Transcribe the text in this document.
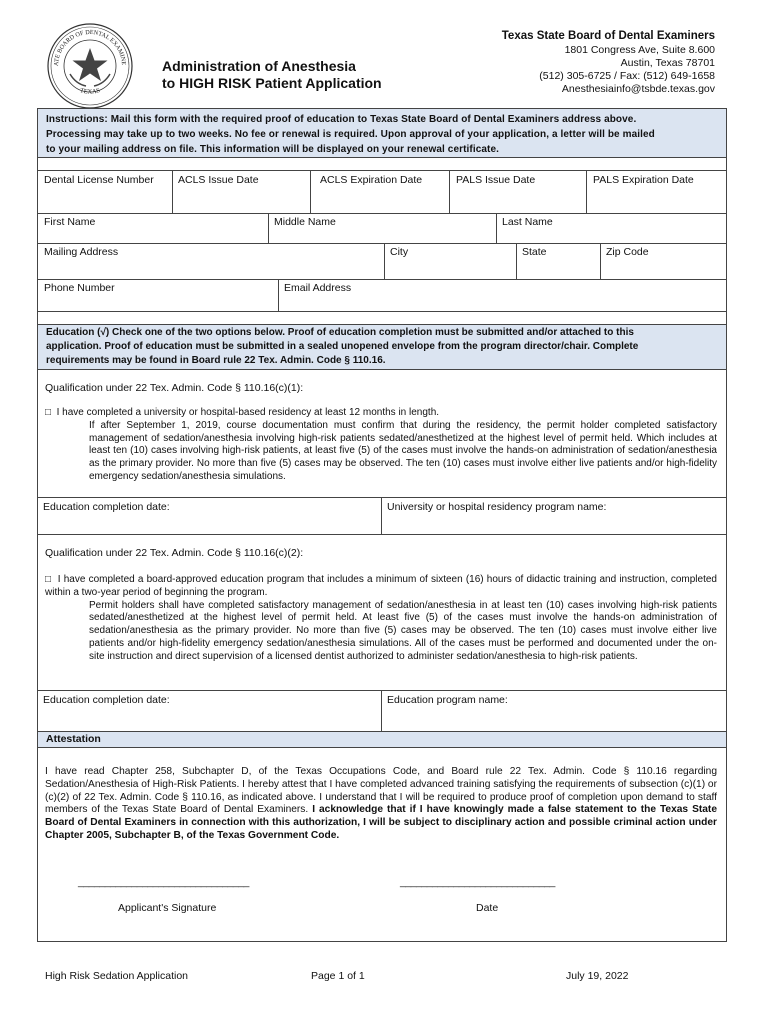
ATE BOARD OF DENTAL EXAMINE
TEXAS
Administration of Anesthesia
to HIGH RISK Patient Application
Texas State Board of Dental Examiners
1801 Congress Ave, Suite 8.600
Austin, Texas 78701
(512) 305-6725 / Fax: (512) 649-1658
Anesthesiainfo@tsbde.texas.gov
Instructions: Mail this form with the required proof of education to Texas State Board of Dental Examiners address above.
Processing may take up to two weeks. No fee or renewal is required. Upon approval of your application, a letter will be mailed
to your mailing address on file. This information will be displayed on your renewal certificate.
Dental License Number	ACLS Issue Date	ACLS Expiration Date	PALS Issue Date	PALS Expiration Date
First Name	Middle Name	Last Name
Mailing Address	City	State	Zip Code
Phone Number	Email Address
Education (√) Check one of the two options below. Proof of education completion must be submitted and/or attached to this
application. Proof of education must be submitted in a sealed unopened envelope from the program director/chair. Complete
requirements may be found in Board rule 22 Tex. Admin. Code § 110.16.
Qualification under 22 Tex. Admin. Code § 110.16(c)(1):
□ I have completed a university or hospital-based residency at least 12 months in length.
If after September 1, 2019, course documentation must confirm that during the residency, the permit holder completed satisfactory management of sedation/anesthesia involving high-risk patients sedated/anesthetized at the highest level of permit held. Which includes at least ten (10) cases involving high-risk patients, at least five (5) of the cases must involve the hands-on administration of sedation/anesthesia as the primary provider. No more than five (5) cases may be observed. The ten (10) cases must involve either live patients and/or high-fidelity emergency sedation/anesthesia simulations.
Education completion date:	University or hospital residency program name:
Qualification under 22 Tex. Admin. Code § 110.16(c)(2):
□ I have completed a board-approved education program that includes a minimum of sixteen (16) hours of didactic training and instruction, completed within a two-year period of beginning the program.
Permit holders shall have completed satisfactory management of sedation/anesthesia in at least ten (10) cases involving high-risk patients sedated/anesthetized at the highest level of permit held. At least five (5) of the cases must involve the hands-on administration of sedation/anesthesia as the primary provider. No more than five (5) cases may be observed. The ten (10) cases must involve either live patients and/or high-fidelity emergency sedation/anesthesia simulations. All of the cases must be performed and documented under the on-site instruction and direct supervision of a licensed dentist authorized to administer sedation/anesthesia to high-risk patients.
Education completion date:	Education program name:
Attestation
I have read Chapter 258, Subchapter D, of the Texas Occupations Code, and Board rule 22 Tex. Admin. Code § 110.16 regarding Sedation/Anesthesia of High-Risk Patients. I hereby attest that I have completed advanced training satisfying the requirements of subsection (c)(1) or (c)(2) of 22 Tex. Admin. Code § 110.16, as indicated above. I understand that I will be required to produce proof of completion upon demand to staff members of the Texas State Board of Dental Examiners. I acknowledge that if I have knowingly made a false statement to the Texas State Board of Dental Examiners in connection with this authorization, I will be subject to disciplinary action and possible criminal action under Chapter 2005, Subchapter B, of the Texas Government Code.
________________________________	_____________________________
Applicant's Signature	Date
High Risk Sedation Application	Page 1 of 1	July 19, 2022
